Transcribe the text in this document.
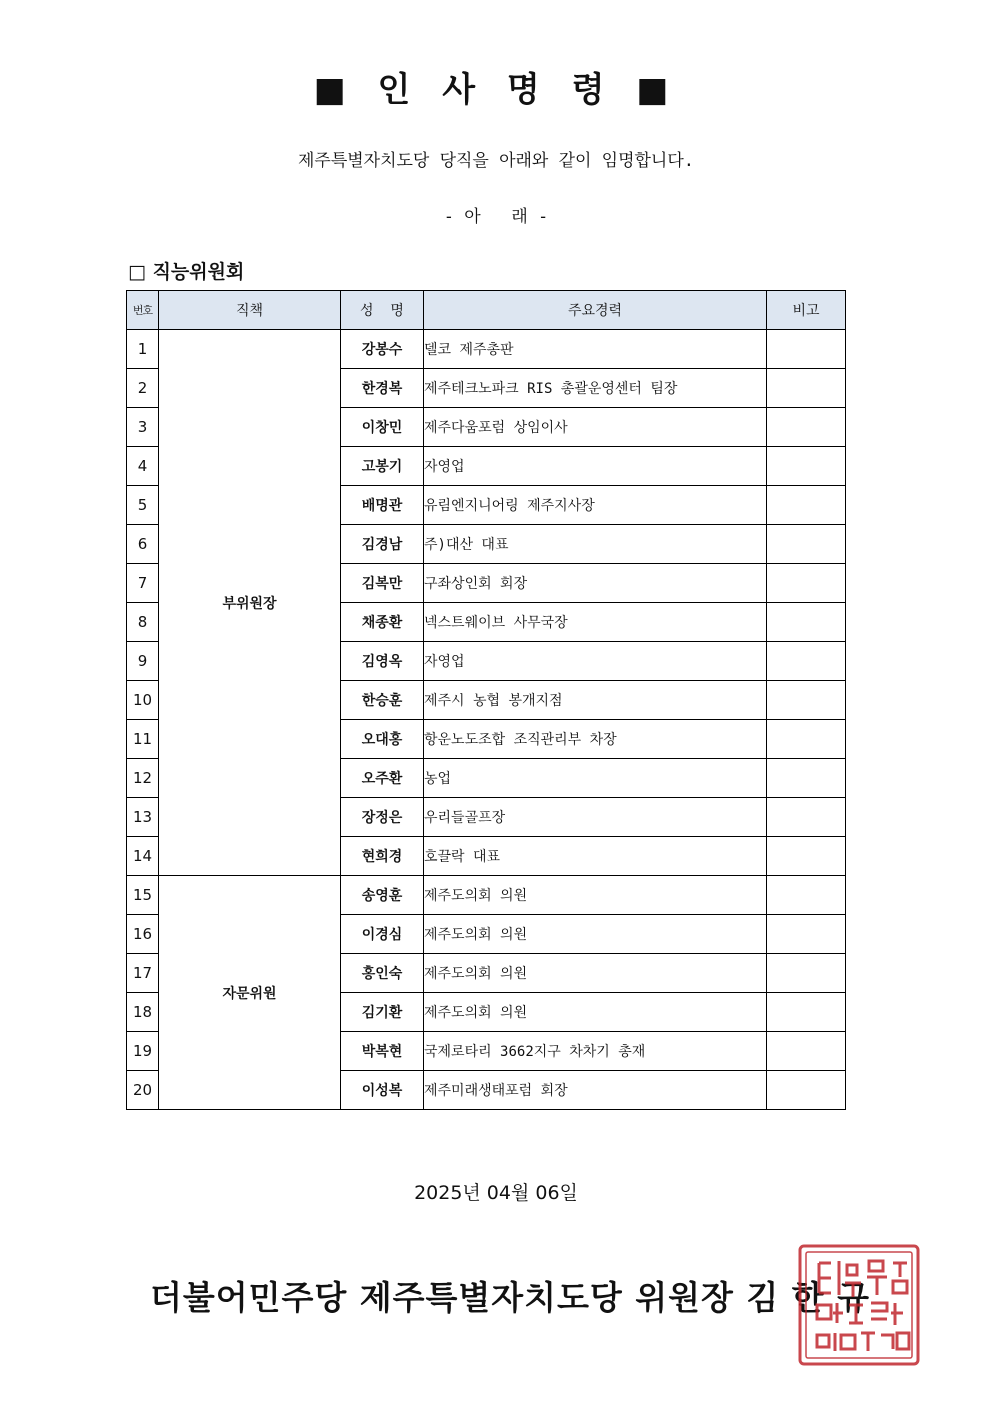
■ 인 사 명 령 ■
제주특별자치도당 당직을 아래와 같이 임명합니다.
- 아   래 -
□ 직능위원회
번호	직책	성  명	주요경력	비고
1	부위원장	강봉수	델코 제주총판	
2		한경복	제주테크노파크 RIS 총괄운영센터 팀장	
3		이창민	제주다움포럼 상임이사	
4		고봉기	자영업	
5		배명관	유림엔지니어링 제주지사장	
6		김경남	주)대산 대표	
7		김복만	구좌상인회 회장	
8		채종환	넥스트웨이브 사무국장	
9		김영옥	자영업	
10		한승훈	제주시 농협 봉개지점	
11		오대홍	항운노도조합 조직관리부 차장	
12		오주환	농업	
13		장정은	우리들골프장	
14		현희경	호끌락 대표	
15	자문위원	송영훈	제주도의회 의원	
16		이경심	제주도의회 의원	
17		홍인숙	제주도의회 의원	
18		김기환	제주도의회 의원	
19		박복현	국제로타리 3662지구 차차기 총재	
20		이성복	제주미래생태포럼 회장	
2025년 04월 06일
더불어민주당 제주특별자치도당 위원장 김 한 규
